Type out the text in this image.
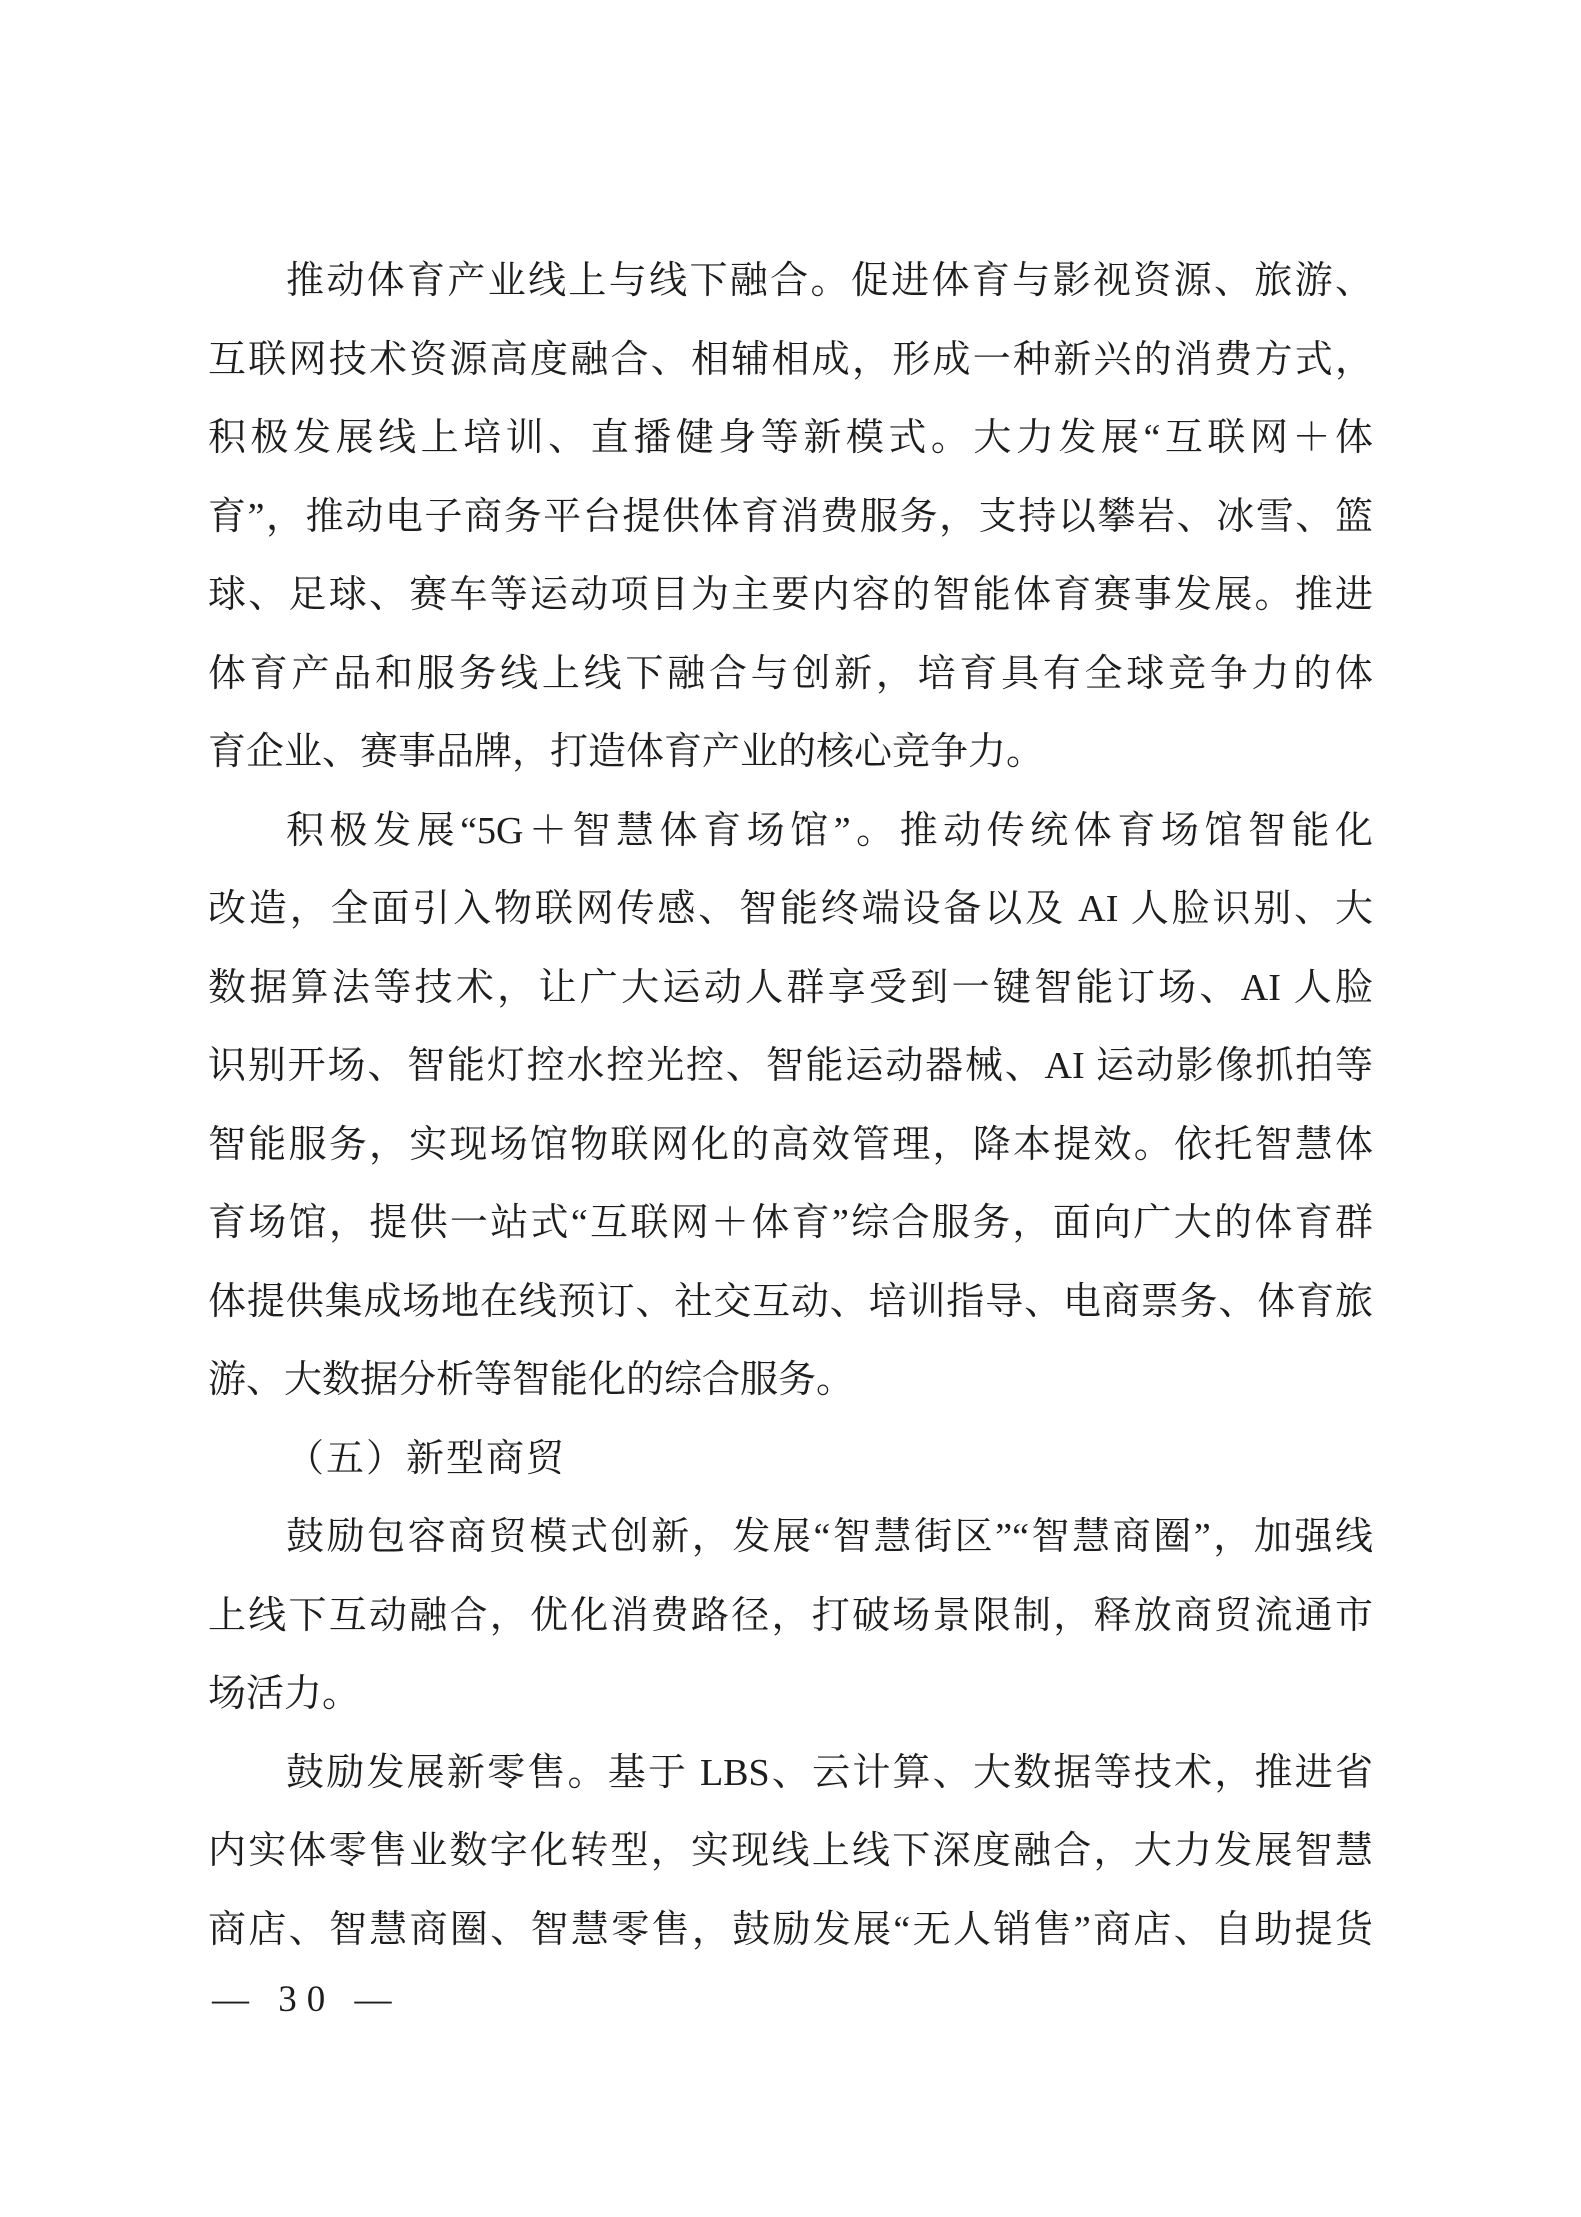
推动体育产业线上与线下融合。促进体育与影视资源、旅游、
互联网技术资源高度融合、相辅相成，形成一种新兴的消费方式，
积极发展线上培训、直播健身等新模式。大力发展“互联网＋体
育”，推动电子商务平台提供体育消费服务，支持以攀岩、冰雪、篮
球、足球、赛车等运动项目为主要内容的智能体育赛事发展。推进
体育产品和服务线上线下融合与创新，培育具有全球竞争力的体
育企业、赛事品牌，打造体育产业的核心竞争力。
积极发展“5G＋智慧体育场馆”。推动传统体育场馆智能化
改造，全面引入物联网传感、智能终端设备以及 AI 人脸识别、大
数据算法等技术，让广大运动人群享受到一键智能订场、AI 人脸
识别开场、智能灯控水控光控、智能运动器械、AI 运动影像抓拍等
智能服务，实现场馆物联网化的高效管理，降本提效。依托智慧体
育场馆，提供一站式“互联网＋体育”综合服务，面向广大的体育群
体提供集成场地在线预订、社交互动、培训指导、电商票务、体育旅
游、大数据分析等智能化的综合服务。
（五）新型商贸
鼓励包容商贸模式创新，发展“智慧街区”“智慧商圈”，加强线
上线下互动融合，优化消费路径，打破场景限制，释放商贸流通市
场活力。
鼓励发展新零售。基于 LBS、云计算、大数据等技术，推进省
内实体零售业数字化转型，实现线上线下深度融合，大力发展智慧
商店、智慧商圈、智慧零售，鼓励发展“无人销售”商店、自助提货
— 30 —
